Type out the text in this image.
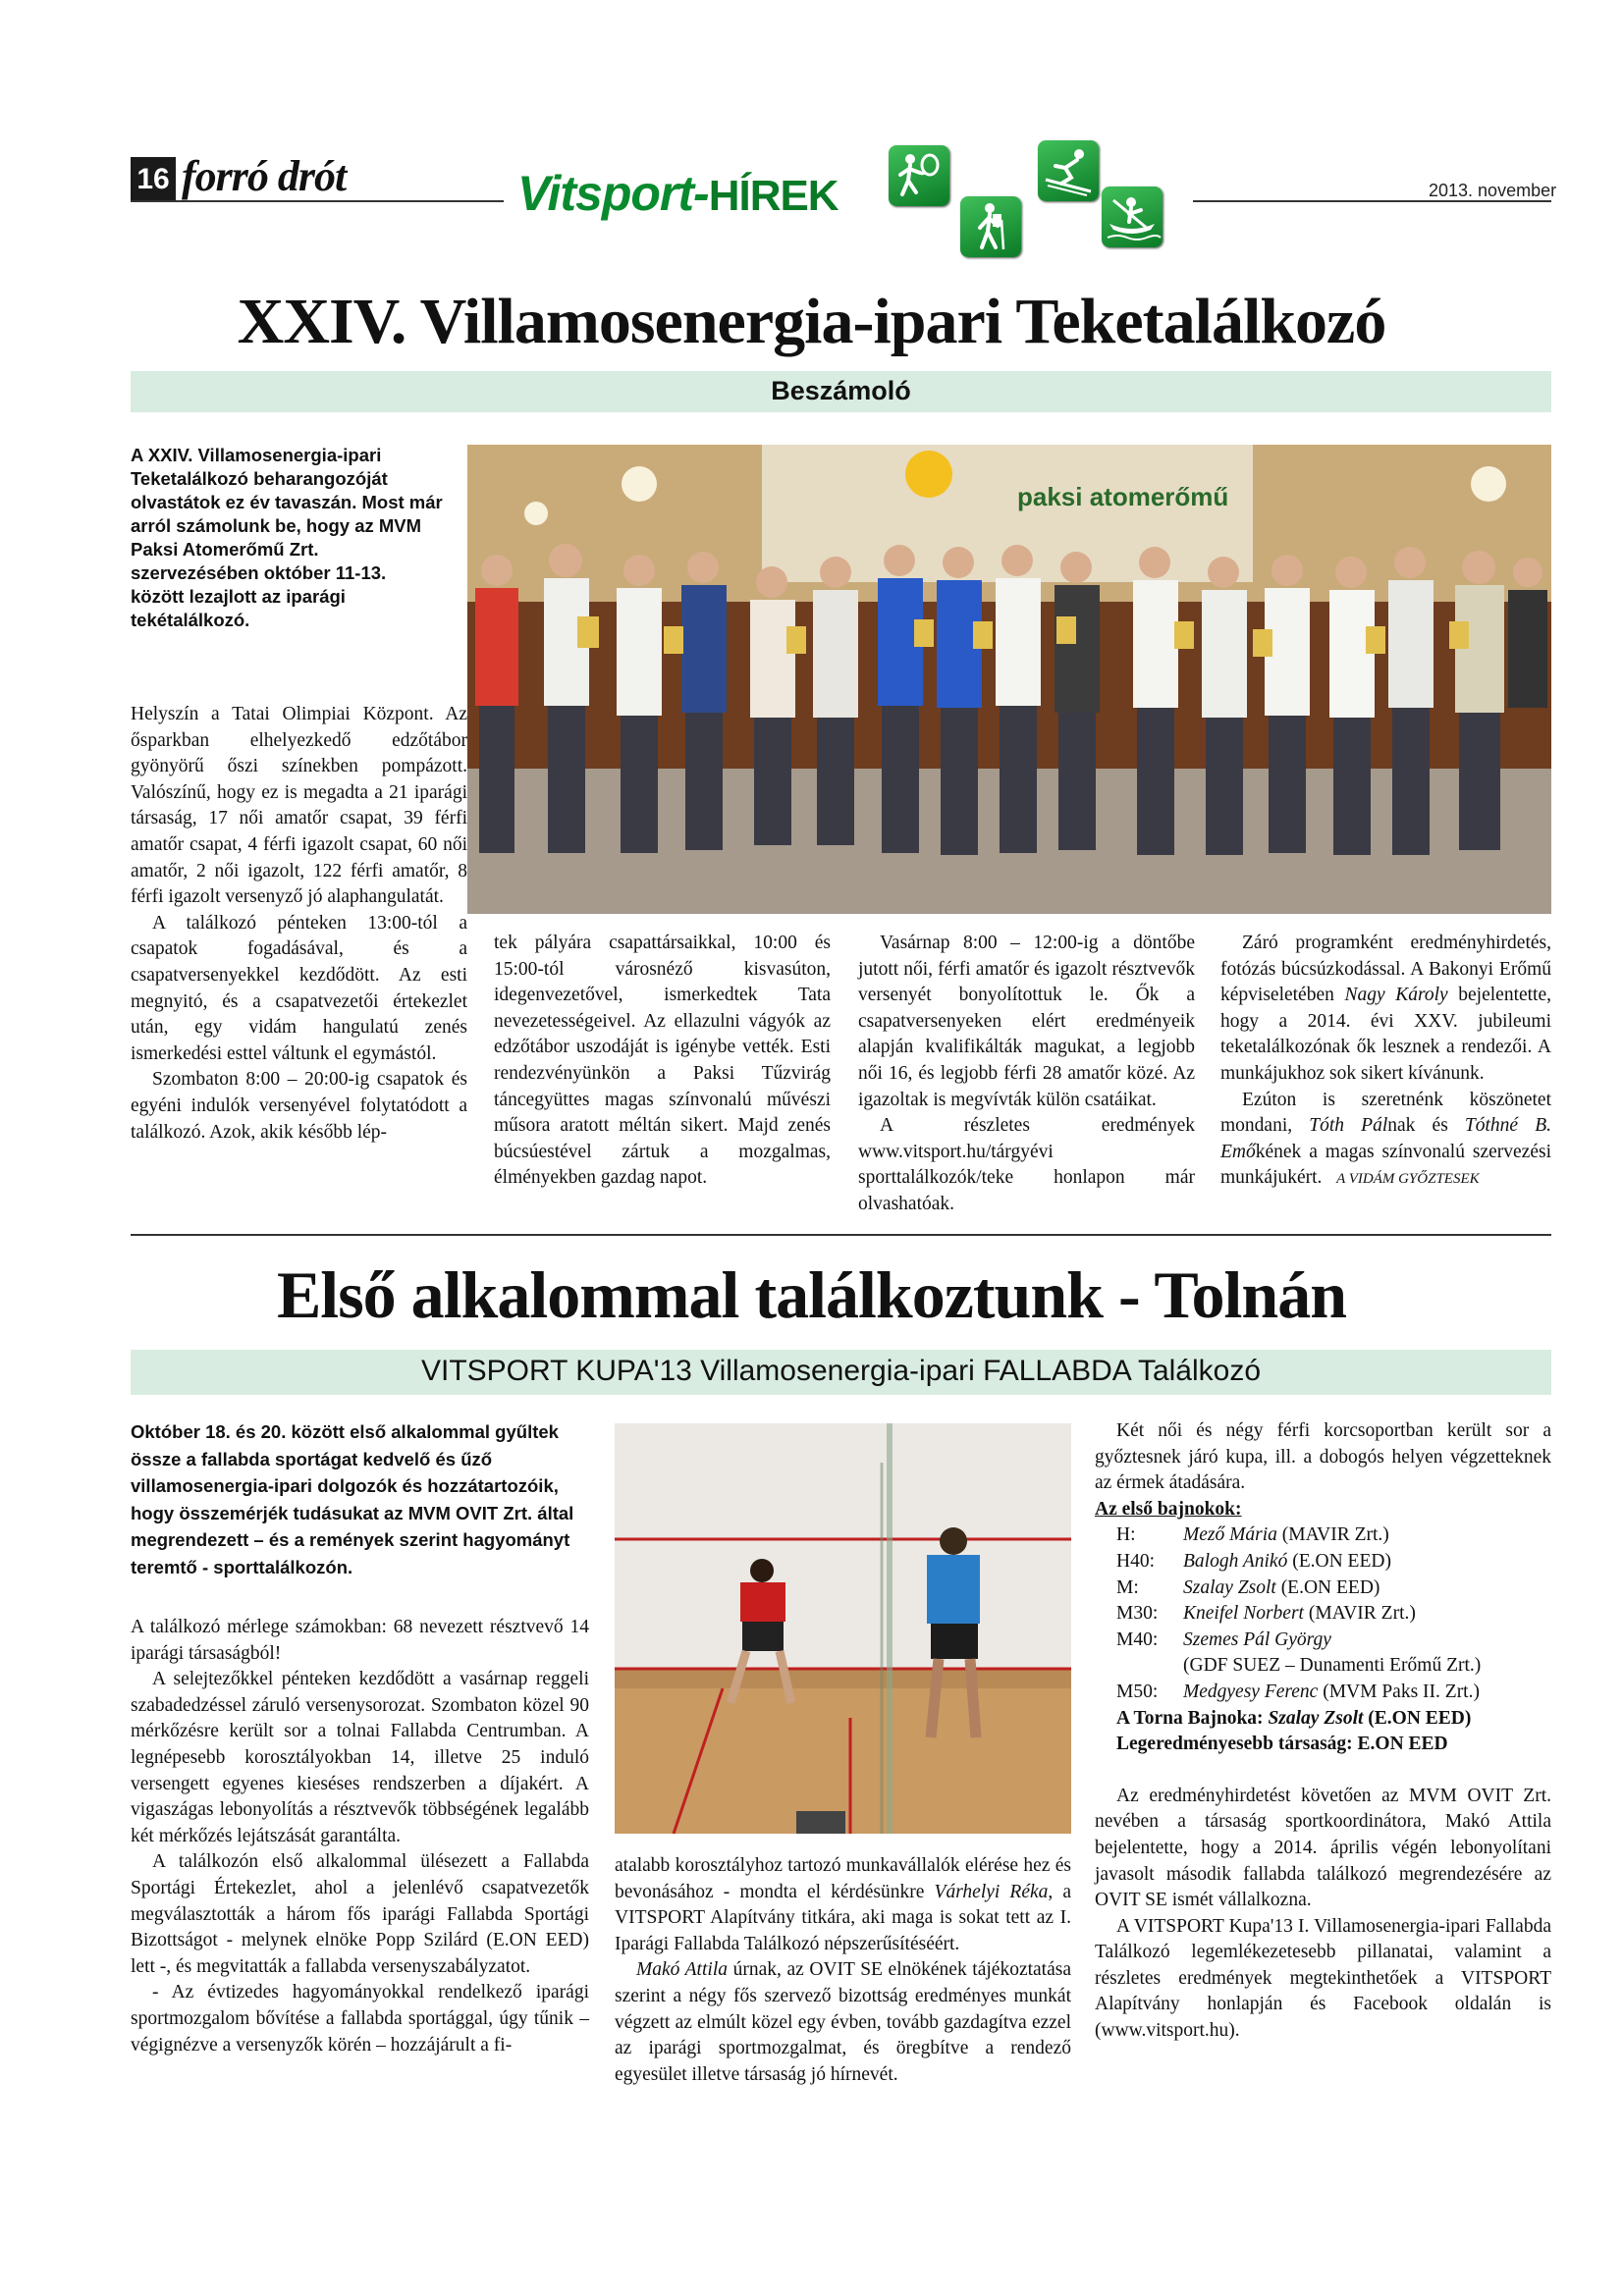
16 forró drót	2013. november
Vitsport-HÍREK
XXIV. Villamosenergia-ipari Teketalálkozó
Beszámoló
A XXIV. Villamosenergia-ipari Teketalálkozó beharangozóját olvastátok ez év tavaszán. Most már arról számolunk be, hogy az MVM Paksi Atomerőmű Zrt. szervezésében október 11-13. között lezajlott az iparági tekétalálkozó.
paksi atomerőmű

Helyszín a Tatai Olimpiai Központ. Az ősparkban elhelyezkedő edzőtábor gyönyörű őszi színekben pompázott. Valószínű, hogy ez is megadta a 21 iparági társaság, 17 női amatőr csapat, 39 férfi amatőr csapat, 4 férfi igazolt csapat, 60 női amatőr, 2 női igazolt, 122 férfi amatőr, 8 férfi igazolt versenyző jó alaphangulatát.

A találkozó pénteken 13:00-tól a csapatok fogadásával, és a csapatversenyekkel kezdődött. Az esti megnyitó, és a csapatvezetői értekezlet után, egy vidám hangulatú zenés ismerkedési esttel váltunk el egymástól.

Szombaton 8:00 – 20:00-ig csapatok és egyéni indulók versenyével folytatódott a találkozó. Azok, akik később lép-

tek pályára csapattársaikkal, 10:00 és 15:00-tól városnéző kisvasúton, idegenvezetővel, ismerkedtek Tata nevezetességeivel. Az ellazulni vágyók az edzőtábor uszodáját is igénybe vették. Esti rendezvényünkön a Paksi Tűzvirág táncegyüttes magas színvonalú művészi műsora aratott méltán sikert. Majd zenés búcsúestével zártuk a mozgalmas, élményekben gazdag napot.

Vasárnap 8:00 – 12:00-ig a döntőbe jutott női, férfi amatőr és igazolt résztvevők versenyét bonyolítottuk le. Ők a csapatversenyeken elért eredményeik alapján kvalifikálták magukat, a legjobb női 16, és legjobb férfi 28 amatőr közé. Az igazoltak is megvívták külön csatáikat.

A részletes eredmények www.vitsport.hu/tárgyévi sporttalálkozók/teke honlapon már olvashatóak.

Záró programként eredményhirdetés, fotózás búcsúzkodással. A Bakonyi Erőmű képviseletében Nagy Károly bejelentette, hogy a 2014. évi XXV. jubileumi teketalálkozónak ők lesznek a rendezői. A munkájukhoz sok sikert kívánunk.

Ezúton is szeretnénk köszönetet mondani, Tóth Pálnak és Tóthné B. Emőkének a magas színvonalú szervezési munkájukért. A VIDÁM GYŐZTESEK

Első alkalommal találkoztunk - Tolnán
VITSPORT KUPA'13 Villamosenergia-ipari FALLABDA Találkozó
Október 18. és 20. között első alkalommal gyűltek össze a fallabda sportágat kedvelő és űző villamosenergia-ipari dolgozók és hozzátartozóik, hogy összemérjék tudásukat az MVM OVIT Zrt. által megrendezett – és a remények szerint hagyományt teremtő - sporttalálkozón.

A találkozó mérlege számokban: 68 nevezett résztvevő 14 iparági társaságból!

A selejtezőkkel pénteken kezdődött a vasárnap reggeli szabadedzéssel záruló versenysorozat. Szombaton közel 90 mérkőzésre került sor a tolnai Fallabda Centrumban. A legnépesebb korosztályokban 14, illetve 25 induló versengett egyenes kieséses rendszerben a díjakért. A vigaszágas lebonyolítás a résztvevők többségének legalább két mérkőzés lejátszását garantálta.

A találkozón első alkalommal ülésezett a Fallabda Sportági Értekezlet, ahol a jelenlévő csapatvezetők megválasztották a három fős iparági Fallabda Sportági Bizottságot - melynek elnöke Popp Szilárd (E.ON EED) lett -, és megvitatták a fallabda versenyszabályzatot.

- Az évtizedes hagyományokkal rendelkező iparági sportmozgalom bővítése a fallabda sportággal, úgy tűnik – végignézve a versenyzők körén – hozzájárult a fi-

atalabb korosztályhoz tartozó munkavállalók elérése hez és bevonásához - mondta el kérdésünkre Várhelyi Réka, a VITSPORT Alapítvány titkára, aki maga is sokat tett az I. Iparági Fallabda Találkozó népszerűsítéséért.

Makó Attila úrnak, az OVIT SE elnökének tájékoztatása szerint a négy fős szervező bizottság eredményes munkát végzett az elmúlt közel egy évben, tovább gazdagítva ezzel az iparági sportmozgalmat, és öregbítve a rendező egyesület illetve társaság jó hírnevét.

Két női és négy férfi korcsoportban került sor a győztesnek járó kupa, ill. a dobogós helyen végzetteknek az érmek átadására.

Az első bajnokok:

H:	Mező Mária (MAVIR Zrt.)
H40:	Balogh Anikó (E.ON EED)
M:	Szalay Zsolt (E.ON EED)
M30:	Kneifel Norbert (MAVIR Zrt.)
M40:	Szemes Pál György
(GDF SUEZ – Dunamenti Erőmű Zrt.)
M50:	Medgyesy Ferenc (MVM Paks II. Zrt.)

A Torna Bajnoka: Szalay Zsolt (E.ON EED)

Legeredményesebb társaság: E.ON EED

Az eredményhirdetést követően az MVM OVIT Zrt. nevében a társaság sportkoordinátora, Makó Attila bejelentette, hogy a 2014. április végén lebonyolítani javasolt második fallabda találkozó megrendezésére az OVIT SE ismét vállalkozna.

A VITSPORT Kupa'13 I. Villamosenergia-ipari Fallabda Találkozó legemlékezetesebb pillanatai, valamint a részletes eredmények megtekinthetőek a VITSPORT Alapítvány honlapján és Facebook oldalán is (www.vitsport.hu).
